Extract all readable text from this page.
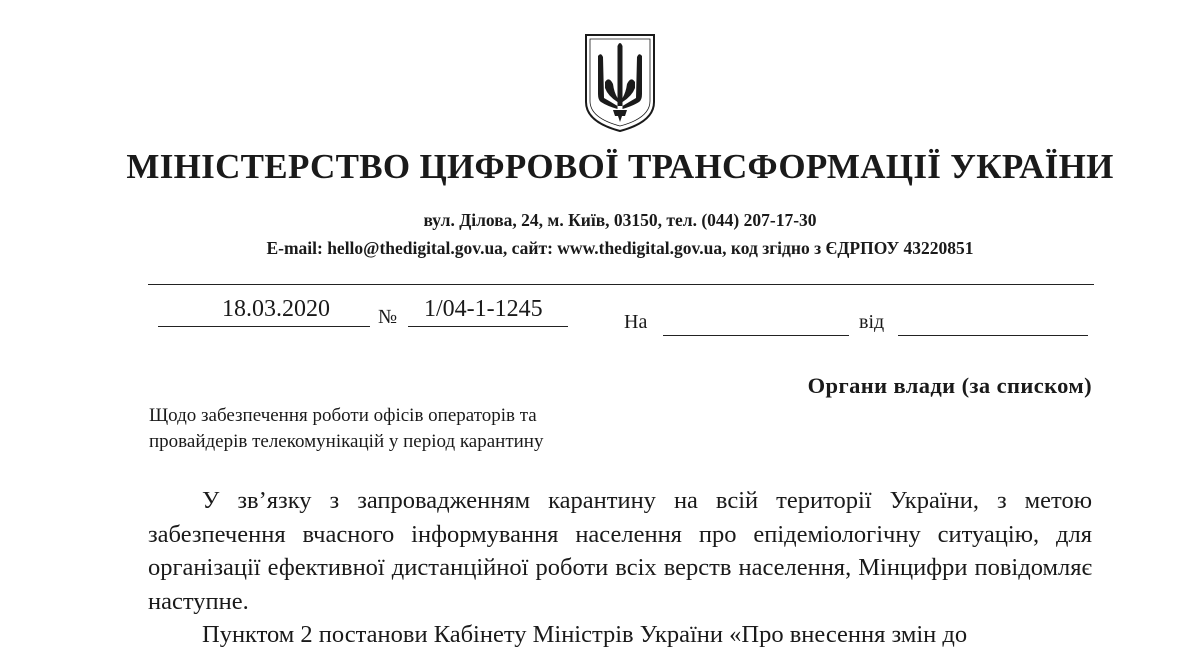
МІНІСТЕРСТВО ЦИФРОВОЇ ТРАНСФОРМАЦІЇ УКРАЇНИ
вул. Ділова, 24, м. Київ, 03150, тел. (044) 207-17-30
E-mail: hello@thedigital.gov.ua, сайт: www.thedigital.gov.ua, код згідно з ЄДРПОУ 43220851
18.03.2020 № 1/04-1-1245	На	від
Органи влади (за списком)
Щодо забезпечення роботи офісів операторів та
провайдерів телекомунікацій у період карантину

У зв’язку з запровадженням карантину на всій території України, з метою забезпечення вчасного інформування населення про епідеміологічну ситуацію, для організації ефективної дистанційної роботи всіх верств населення, Мінцифри повідомляє наступне.

Пунктом 2 постанови Кабінету Міністрів України «Про внесення змін до
